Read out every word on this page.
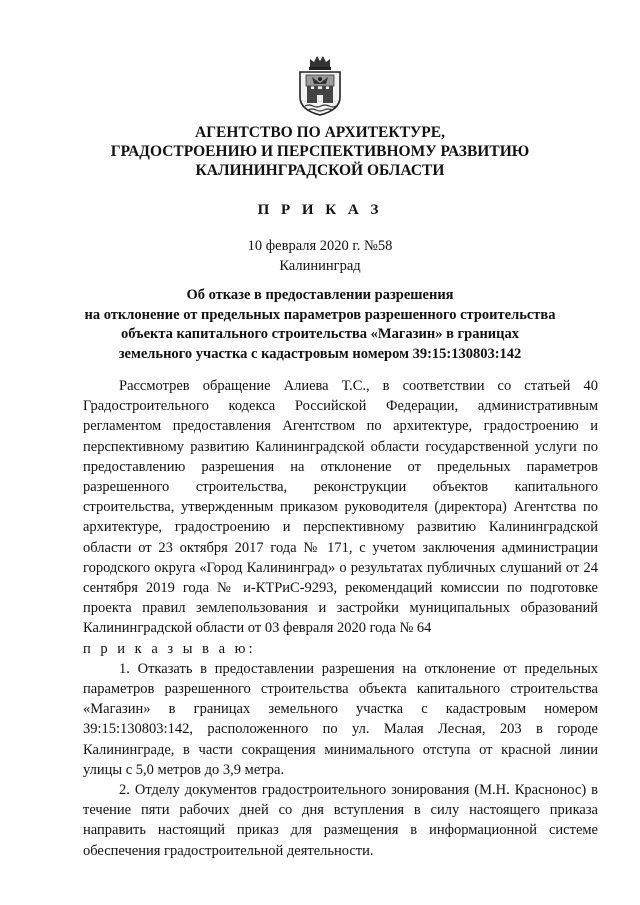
АГЕНТСТВО ПО АРХИТЕКТУРЕ,
ГРАДОСТРОЕНИЮ И ПЕРСПЕКТИВНОМУ РАЗВИТИЮ
КАЛИНИНГРАДСКОЙ ОБЛАСТИ
П Р И К А З
10 февраля 2020 г. №58
Калининград
Об отказе в предоставлении разрешения
на отклонение от предельных параметров разрешенного строительства
объекта капитального строительства «Магазин» в границах
земельного участка с кадастровым номером 39:15:130803:142

Рассмотрев обращение Алиева Т.С., в соответствии со статьей 40 Градостроительного кодекса Российской Федерации, административным регламентом предоставления Агентством по архитектуре, градостроению и перспективному развитию Калининградской области государственной услуги по предоставлению разрешения на отклонение от предельных параметров разрешенного строительства, реконструкции объектов капитального строительства, утвержденным приказом руководителя (директора) Агентства по архитектуре, градостроению и перспективному развитию Калининградской области от 23 октября 2017 года № 171, с учетом заключения администрации городского округа «Город Калининград» о результатах публичных слушаний от 24 сентября 2019 года № и-КТРиС-9293, рекомендаций комиссии по подготовке проекта правил землепользования и застройки муниципальных образований Калининградской области от 03 февраля 2020 года № 64

п р и к а з ы в а ю:

1. Отказать в предоставлении разрешения на отклонение от предельных параметров разрешенного строительства объекта капитального строительства «Магазин» в границах земельного участка с кадастровым номером 39:15:130803:142, расположенного по ул. Малая Лесная, 203 в городе Калининграде, в части сокращения минимального отступа от красной линии улицы с 5,0 метров до 3,9 метра.

2. Отделу документов градостроительного зонирования (М.Н. Краснонос) в течение пяти рабочих дней со дня вступления в силу настоящего приказа направить настоящий приказ для размещения в информационной системе обеспечения градостроительной деятельности.
